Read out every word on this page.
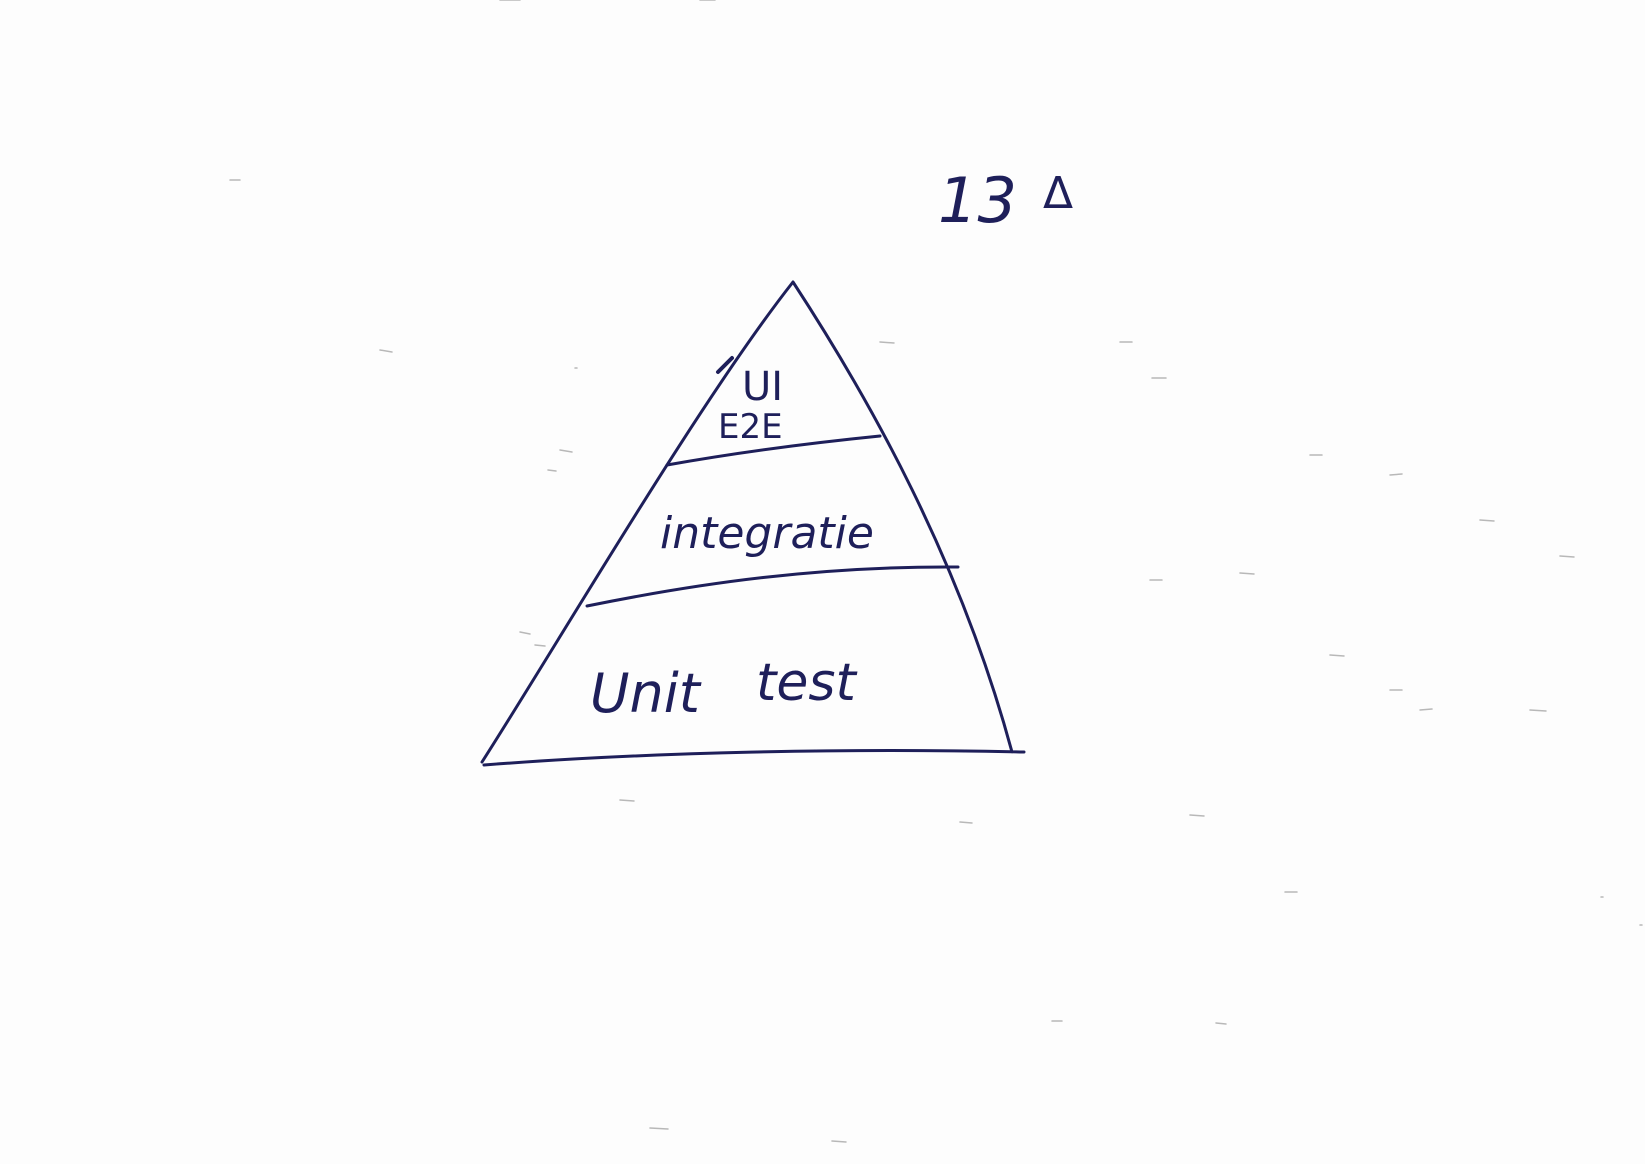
13 Δ
UI
E2E
integratie
Unit test
